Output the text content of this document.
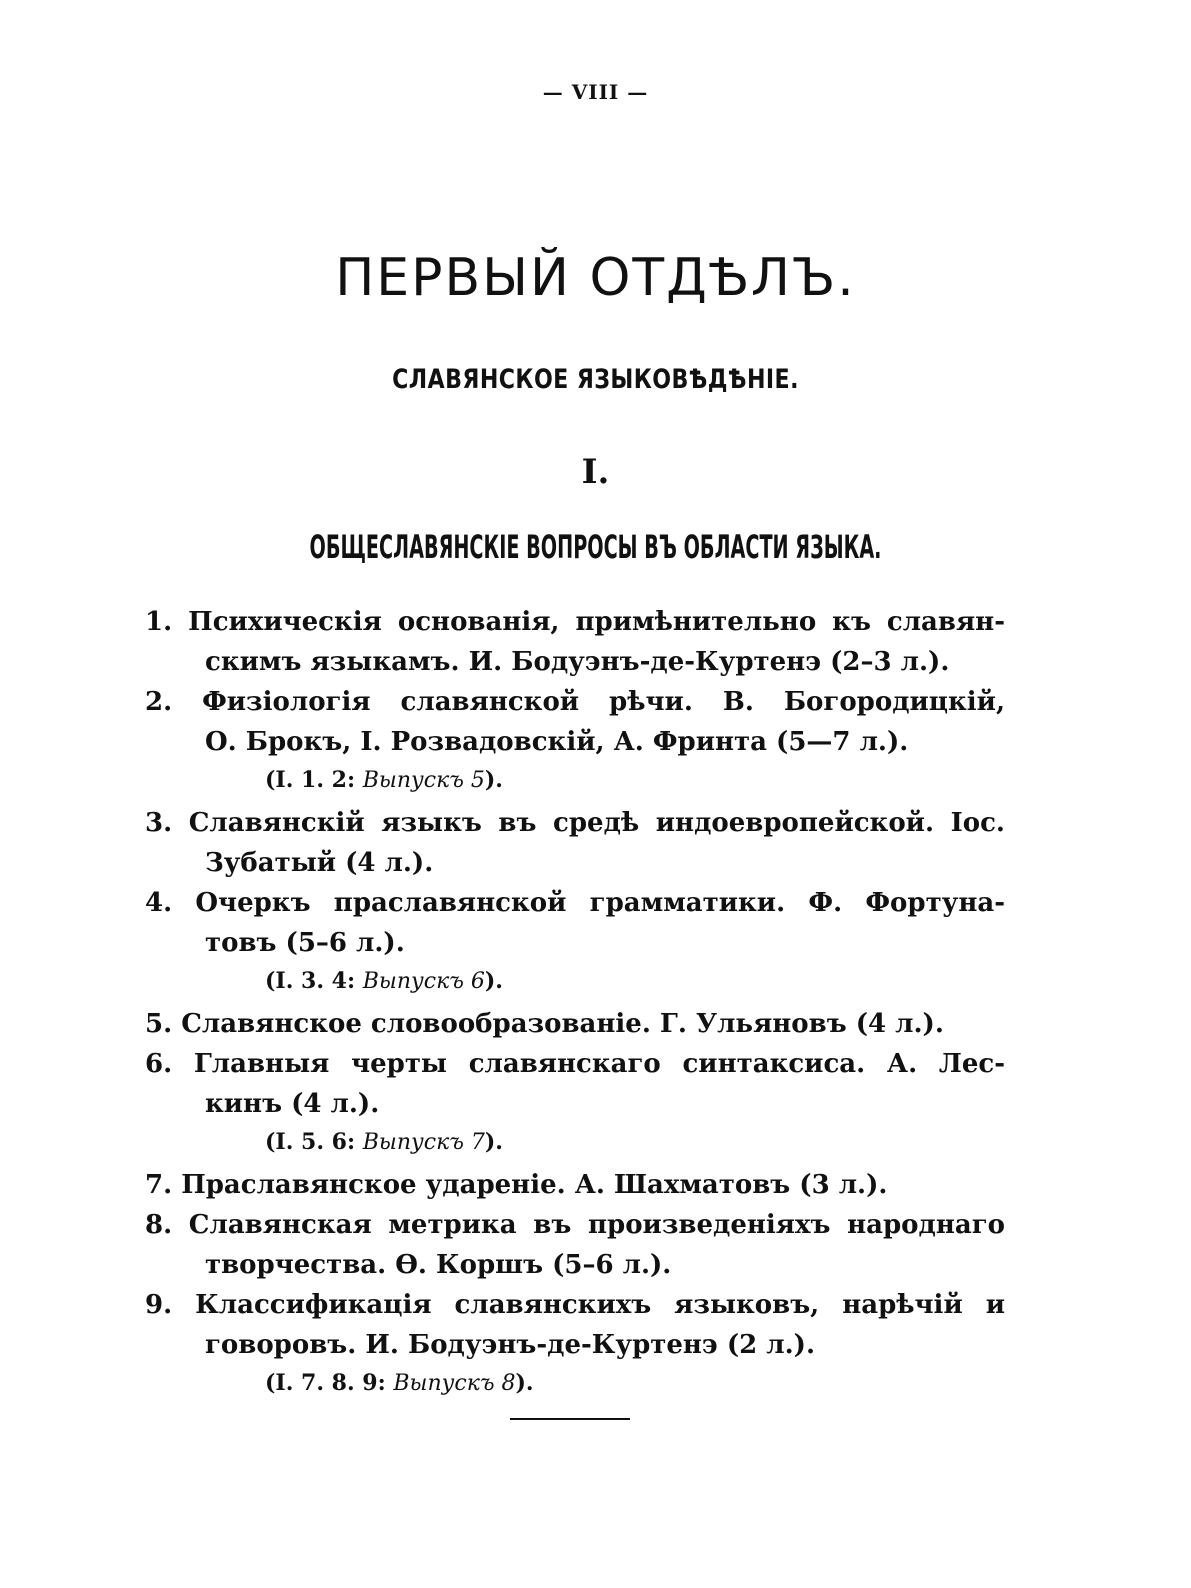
— VIII —
ПЕРВЫЙ ОТДѢЛЪ.
СЛАВЯНСКОЕ ЯЗЫКОВѢДѢНІЕ.
I.
ОБЩЕСЛАВЯНСКІЕ ВОПРОСЫ ВЪ ОБЛАСТИ ЯЗЫКА.
1. Психическія основанія, примѣнительно къ славян-
скимъ языкамъ. И. Бодуэнъ-де-Куртенэ (2–3 л.).
2. Физіологія славянской рѣчи. В. Богородицкій,
О. Брокъ, І. Розвадовскій, А. Фринта (5—7 л.).
(I. 1. 2: Выпускъ 5).
3. Славянскій языкъ въ средѣ индоевропейской. Іос.
Зубатый (4 л.).
4. Очеркъ праславянской грамматики. Ф. Фортуна-
товъ (5–6 л.).
(I. 3. 4: Выпускъ 6).
5. Славянское словообразованіе. Г. Ульяновъ (4 л.).
6. Главныя черты славянскаго синтаксиса. А. Лес-
кинъ (4 л.).
(I. 5. 6: Выпускъ 7).
7. Праславянское удареніе. А. Шахматовъ (3 л.).
8. Славянская метрика въ произведеніяхъ народнаго
творчества. Ѳ. Коршъ (5–6 л.).
9. Классификація славянскихъ языковъ, нарѣчій и
говоровъ. И. Бодуэнъ-де-Куртенэ (2 л.).
(I. 7. 8. 9: Выпускъ 8).
